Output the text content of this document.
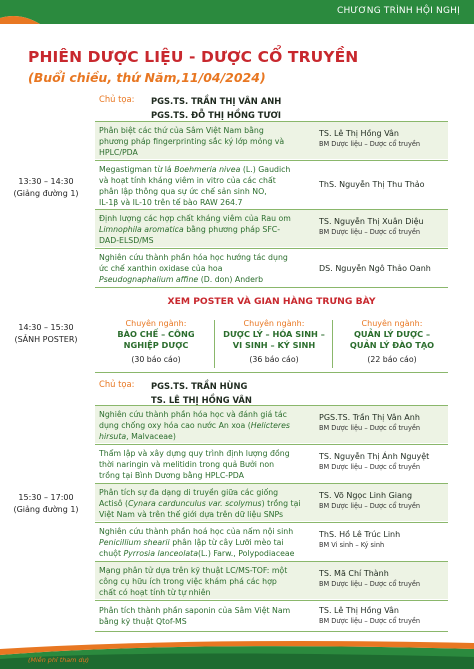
CHƯƠNG TRÌNH HỘI NGHỊ
PHIÊN DƯỢC LIỆU - DƯỢC CỔ TRUYỀN
(Buổi chiều, thứ Năm,11/04/2024)
13:30 – 14:30
(Giảng đường 1)
Chủ tọa: PGS.TS. TRẦN THỊ VÂN ANH
PGS.TS. ĐỖ THỊ HỒNG TƯƠI
Phân biệt các thứ của Sâm Việt Nam bằng
phương pháp fingerprinting sắc ký lớp mỏng và
HPLC/PDA
TS. Lê Thị Hồng Vân
BM Dược liệu – Dược cổ truyền
Megastigman từ lá Boehmeria nivea (L.) Gaudich
và hoạt tính kháng viêm in vitro của các chất
phân lập thông qua sự ức chế sản sinh NO,
IL-1β và IL-10 trên tế bào RAW 264.7
ThS. Nguyễn Thị Thu Thảo
Định lượng các hợp chất kháng viêm của Rau om
Limnophila aromatica bằng phương pháp SFC-
DAD-ELSD/MS
TS. Nguyễn Thị Xuân Diệu
BM Dược liệu – Dược cổ truyền
Nghiên cứu thành phần hóa học hướng tác dụng
ức chế xanthin oxidase của hoa
Pseudognaphalium affine (D. don) Anderb
DS. Nguyễn Ngô Thảo Oanh
14:30 – 15:30
(SẢNH POSTER)
XEM POSTER VÀ GIAN HÀNG TRƯNG BÀY
Chuyên ngành:
BÀO CHẾ – CÔNG
NGHIỆP DƯỢC
(30 báo cáo)
Chuyên ngành:
DƯỢC LÝ – HÓA SINH –
VI SINH – KÝ SINH
(36 báo cáo)
Chuyên ngành:
QUẢN LÝ DƯỢC –
QUẢN LÝ ĐÀO TẠO
(22 báo cáo)
15:30 – 17:00
(Giảng đường 1)
Chủ tọa: PGS.TS. TRẦN HÙNG
TS. LÊ THỊ HỒNG VÂN
Nghiên cứu thành phần hóa học và đánh giá tác
dụng chống oxy hóa cao nước An xoa (Helicteres
hirsuta, Malvaceae)
PGS.TS. Trần Thị Vân Anh
BM Dược liệu – Dược cổ truyền
Thẩm lập và xây dựng quy trình định lượng đồng
thời naringin và melitidin trong quả Bưởi non
trồng tại Bình Dương bằng HPLC-PDA
TS. Nguyễn Thị Ánh Nguyệt
BM Dược liệu – Dược cổ truyền
Phân tích sự đa dạng di truyền giữa các giống
Actisô (Cynara cardunculus var. scolymus) trồng tại
Việt Nam và trên thế giới dựa trên dữ liệu SNPs
TS. Võ Ngọc Linh Giang
BM Dược liệu – Dược cổ truyền
Nghiên cứu thành phần hoá học của nấm nội sinh
Penicillium shearii phân lập từ cây Lưỡi mèo tai
chuột Pyrrosia lanceolata(L.) Farw., Polypodiaceae
ThS. Hồ Lê Trúc Linh
BM Vi sinh – Ký sinh
Mạng phân tử dựa trên kỹ thuật LC/MS-TOF: một
công cụ hữu ích trong việc khám phá các hợp
chất có hoạt tính từ tự nhiên
TS. Mã Chí Thành
BM Dược liệu – Dược cổ truyền
Phân tích thành phần saponin của Sâm Việt Nam
bằng kỹ thuật Qtof-MS
TS. Lê Thị Hồng Vân
BM Dược liệu – Dược cổ truyền
(Miễn phí tham dự)
